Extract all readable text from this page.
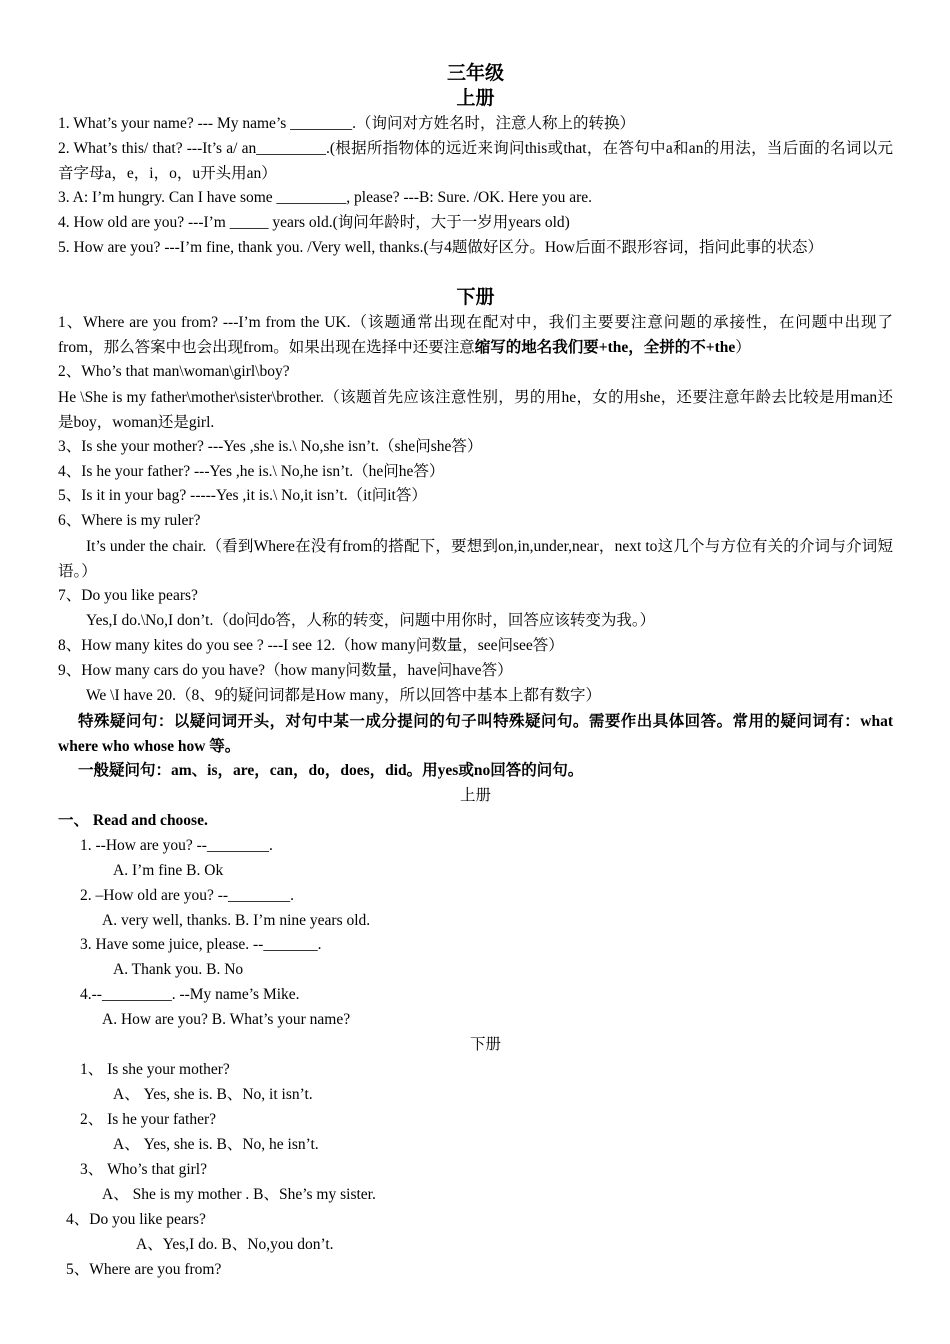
三年级
上册
1. What’s your name? --- My name’s ________.（询问对方姓名时，注意人称上的转换）
2. What’s this/ that? ---It’s a/ an_________.(根据所指物体的远近来询问this或that，在答句中a和an的用法，当后面的名词以元音字母a，e，i，o，u开头用an）
3. A: I’m hungry. Can I have some _________, please? ---B: Sure. /OK. Here you are.
4. How old are you? ---I’m _____ years old.(询问年龄时，大于一岁用years old)
5. How are you? ---I’m fine, thank you. /Very well, thanks.(与4题做好区分。How后面不跟形容词，指问此事的状态）
下册
1、Where are you from? ---I’m from the UK.（该题通常出现在配对中，我们主要要注意问题的承接性，在问题中出现了from，那么答案中也会出现from。如果出现在选择中还要注意缩写的地名我们要+the，全拼的不+the）
2、Who’s that man\woman\girl\boy?
He \She is my father\mother\sister\brother.（该题首先应该注意性别，男的用he，女的用she，还要注意年龄去比较是用man还是boy，woman还是girl.
3、Is she your mother? ---Yes ,she is.\ No,she isn’t.（she问she答）
4、Is he your father? ---Yes ,he is.\ No,he isn’t.（he问he答）
5、Is it in your bag? -----Yes ,it is.\ No,it isn’t.（it问it答）
6、Where is my ruler?
It’s under the chair.（看到Where在没有from的搭配下，要想到on,in,under,near，next to这几个与方位有关的介词与介词短语。）
7、Do you like pears?
Yes,I do.\No,I don’t.（do问do答，人称的转变，问题中用你时，回答应该转变为我。）
8、How many kites do you see ? ---I see 12.（how many问数量，see问see答）
9、How many cars do you have?（how many问数量，have问have答）
We \I have 20.（8、9的疑问词都是How many，所以回答中基本上都有数字）
特殊疑问句：以疑问词开头，对句中某一成分提问的句子叫特殊疑问句。需要作出具体回答。常用的疑问词有：what where who whose how 等。
一般疑问句：am、is，are，can，do，does，did。用yes或no回答的问句。
上册
一、 Read and choose.
1. --How are you? --________.
A. I’m fine B. Ok
2. –How old are you? --________.
A. very well, thanks. B. I’m nine years old.
3. Have some juice, please. --_______.
A. Thank you. B. No
4.--_________. --My name’s Mike.
A. How are you? B. What’s your name?
下册
1、 Is she your mother?
A、 Yes, she is. B、No, it isn’t.
2、 Is he your father?
A、 Yes, she is. B、No, he isn’t.
3、 Who’s that girl?
A、 She is my mother . B、She’s my sister.
4、Do you like pears?
A、Yes,I do. B、No,you don’t.
5、Where are you from?
